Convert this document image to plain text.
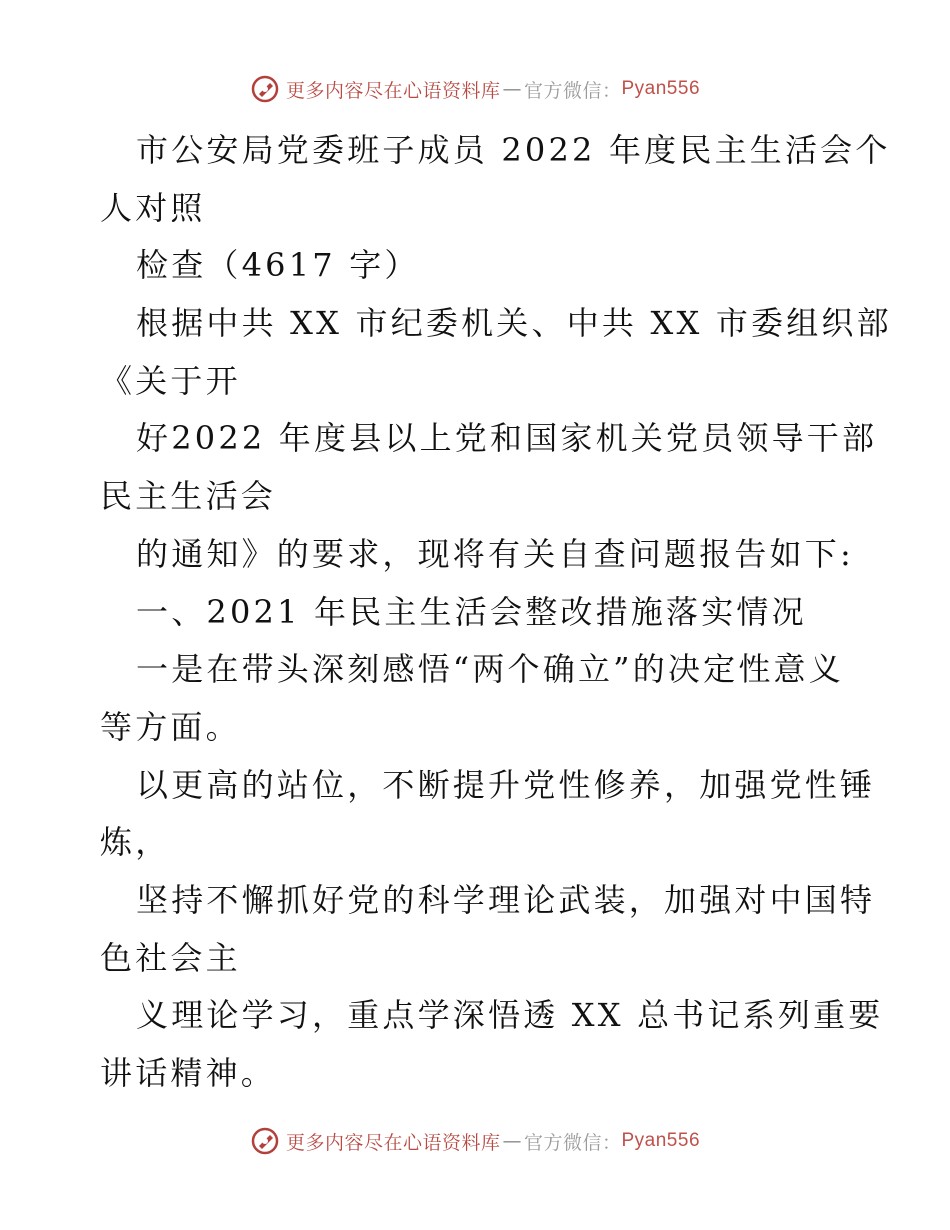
更多内容尽在心语资料库 — 官方微信： Pyan556
市公安局党委班子成员 2022 年度民主生活会个
人对照
检查（4617 字）
根据中共 XX 市纪委机关、中共 XX 市委组织部
《关于开
好2022 年度县以上党和国家机关党员领导干部
民主生活会
的通知》的要求，现将有关自查问题报告如下:
一、2021 年民主生活会整改措施落实情况
一是在带头深刻感悟“两个确立”的决定性意义
等方面。
以更高的站位，不断提升党性修养，加强党性锤
炼，
坚持不懈抓好党的科学理论武装，加强对中国特
色社会主
义理论学习，重点学深悟透 XX 总书记系列重要
讲话精神。
更多内容尽在心语资料库 — 官方微信： Pyan556
